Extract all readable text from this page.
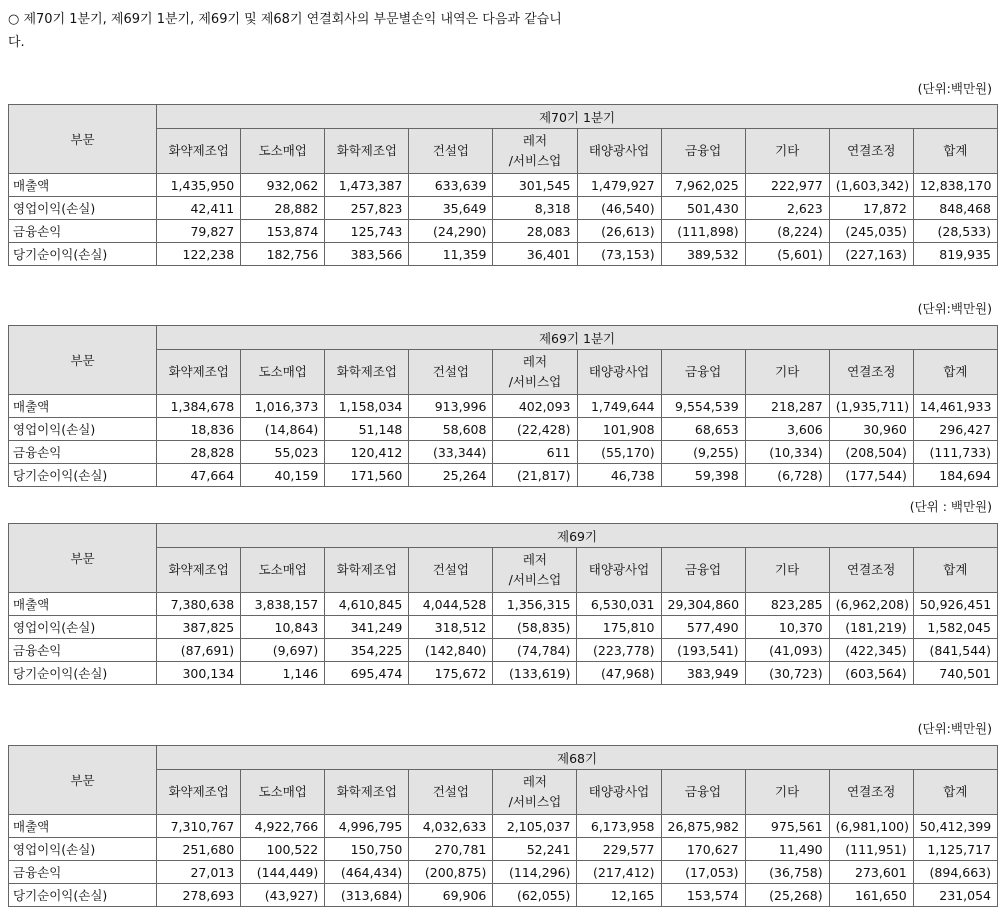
○ 제70기 1분기, 제69기 1분기, 제69기 및 제68기 연결회사의 부문별손익 내역은 다음과 같습니다.
(단위:백만원)
부문	제70기 1분기									
	화약제조업	도소매업	화학제조업	건설업	레저
/서비스업	태양광사업	금융업	기타	연결조정	합계
매출액	1,435,950	932,062	1,473,387	633,639	301,545	1,479,927	7,962,025	222,977	(1,603,342)	12,838,170
영업이익(손실)	42,411	28,882	257,823	35,649	8,318	(46,540)	501,430	2,623	17,872	848,468
금융손익	79,827	153,874	125,743	(24,290)	28,083	(26,613)	(111,898)	(8,224)	(245,035)	(28,533)
당기순이익(손실)	122,238	182,756	383,566	11,359	36,401	(73,153)	389,532	(5,601)	(227,163)	819,935
(단위:백만원)
부문	제69기 1분기									
	화약제조업	도소매업	화학제조업	건설업	레저
/서비스업	태양광사업	금융업	기타	연결조정	합계
매출액	1,384,678	1,016,373	1,158,034	913,996	402,093	1,749,644	9,554,539	218,287	(1,935,711)	14,461,933
영업이익(손실)	18,836	(14,864)	51,148	58,608	(22,428)	101,908	68,653	3,606	30,960	296,427
금융손익	28,828	55,023	120,412	(33,344)	611	(55,170)	(9,255)	(10,334)	(208,504)	(111,733)
당기순이익(손실)	47,664	40,159	171,560	25,264	(21,817)	46,738	59,398	(6,728)	(177,544)	184,694
(단위 : 백만원)
부문	제69기									
	화약제조업	도소매업	화학제조업	건설업	레저
/서비스업	태양광사업	금융업	기타	연결조정	합계
매출액	7,380,638	3,838,157	4,610,845	4,044,528	1,356,315	6,530,031	29,304,860	823,285	(6,962,208)	50,926,451
영업이익(손실)	387,825	10,843	341,249	318,512	(58,835)	175,810	577,490	10,370	(181,219)	1,582,045
금융손익	(87,691)	(9,697)	354,225	(142,840)	(74,784)	(223,778)	(193,541)	(41,093)	(422,345)	(841,544)
당기순이익(손실)	300,134	1,146	695,474	175,672	(133,619)	(47,968)	383,949	(30,723)	(603,564)	740,501
(단위:백만원)
부문	제68기									
	화약제조업	도소매업	화학제조업	건설업	레저
/서비스업	태양광사업	금융업	기타	연결조정	합계
매출액	7,310,767	4,922,766	4,996,795	4,032,633	2,105,037	6,173,958	26,875,982	975,561	(6,981,100)	50,412,399
영업이익(손실)	251,680	100,522	150,750	270,781	52,241	229,577	170,627	11,490	(111,951)	1,125,717
금융손익	27,013	(144,449)	(464,434)	(200,875)	(114,296)	(217,412)	(17,053)	(36,758)	273,601	(894,663)
당기순이익(손실)	278,693	(43,927)	(313,684)	69,906	(62,055)	12,165	153,574	(25,268)	161,650	231,054
